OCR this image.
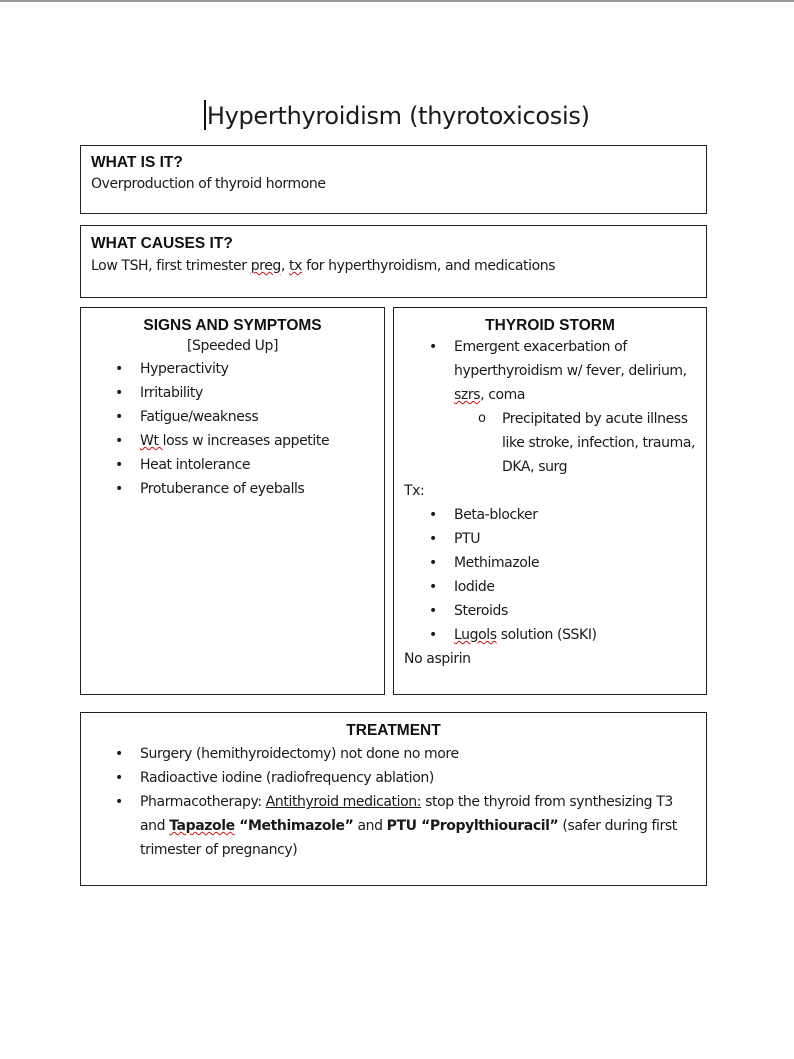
Hyperthyroidism (thyrotoxicosis)
WHAT IS IT?
Overproduction of thyroid hormone
WHAT CAUSES IT?
Low TSH, first trimester preg, tx for hyperthyroidism, and medications
SIGNS AND SYMPTOMS
[Speeded Up]
• Hyperactivity
• Irritability
• Fatigue/weakness
• Wt loss w increases appetite
• Heat intolerance
• Protuberance of eyeballs
THYROID STORM
• Emergent exacerbation of hyperthyroidism w/ fever, delirium, szrs, coma
o Precipitated by acute illness like stroke, infection, trauma, DKA, surg
Tx:
• Beta-blocker
• PTU
• Methimazole
• Iodide
• Steroids
• Lugols solution (SSKI)
No aspirin
TREATMENT
• Surgery (hemithyroidectomy) not done no more
• Radioactive iodine (radiofrequency ablation)
• Pharmacotherapy: Antithyroid medication: stop the thyroid from synthesizing T3 and Tapazole “Methimazole” and PTU “Propylthiouracil” (safer during first trimester of pregnancy)
